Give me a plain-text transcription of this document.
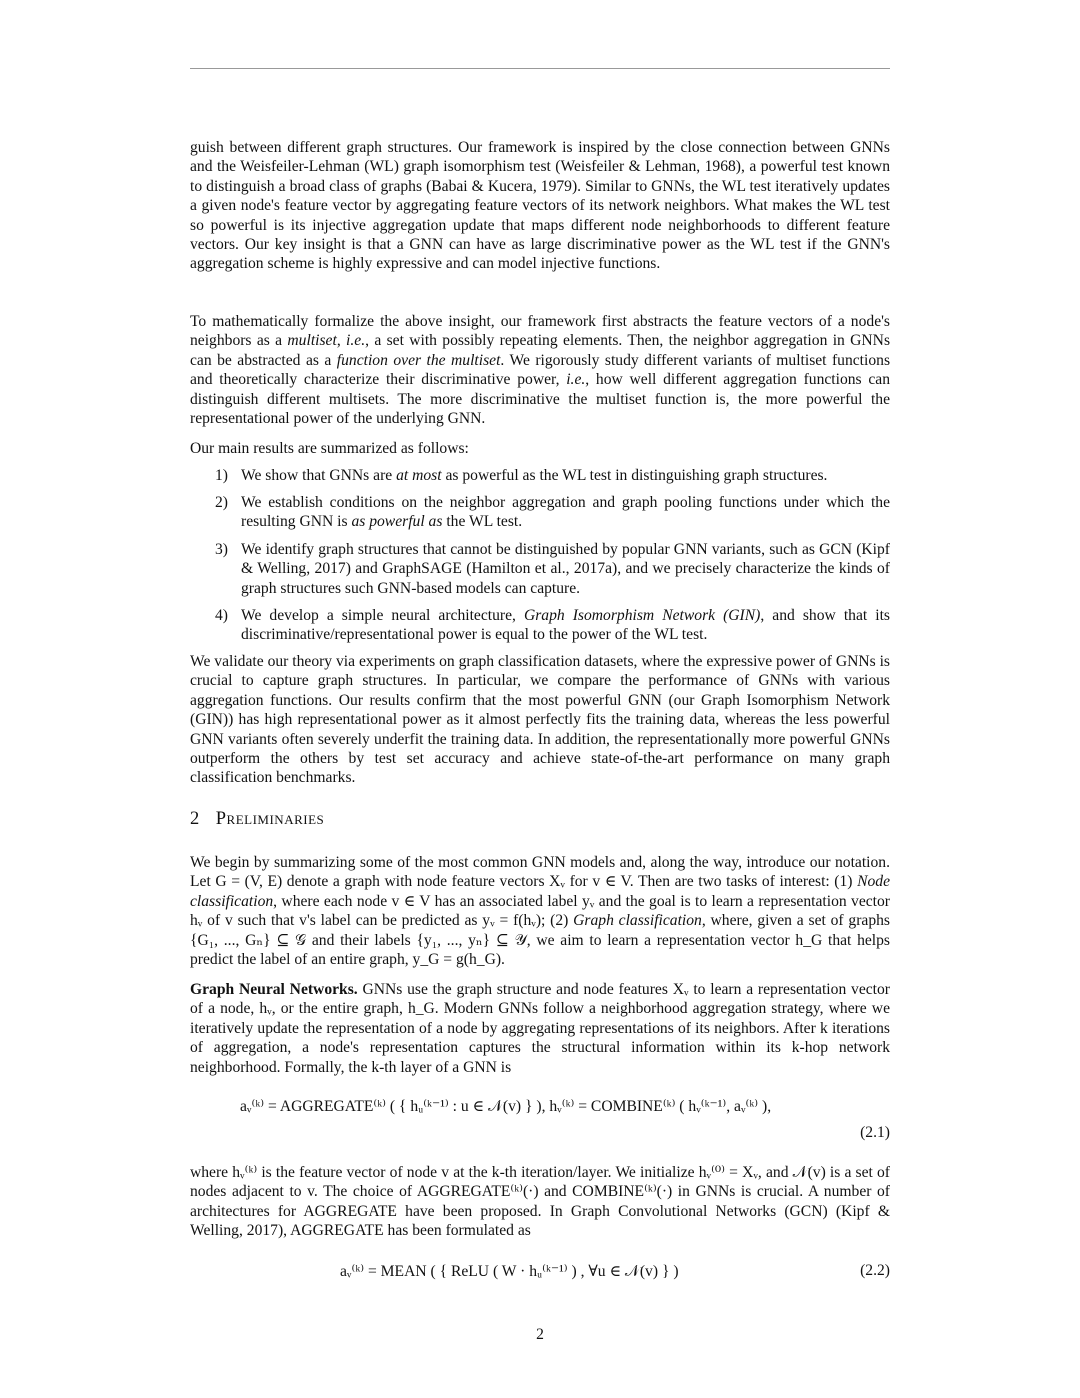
guish between different graph structures. Our framework is inspired by the close connection between GNNs and the Weisfeiler-Lehman (WL) graph isomorphism test (Weisfeiler & Lehman, 1968), a powerful test known to distinguish a broad class of graphs (Babai & Kucera, 1979). Similar to GNNs, the WL test iteratively updates a given node's feature vector by aggregating feature vectors of its network neighbors. What makes the WL test so powerful is its injective aggregation update that maps different node neighborhoods to different feature vectors. Our key insight is that a GNN can have as large discriminative power as the WL test if the GNN's aggregation scheme is highly expressive and can model injective functions.

To mathematically formalize the above insight, our framework first abstracts the feature vectors of a node's neighbors as a multiset, i.e., a set with possibly repeating elements. Then, the neighbor aggregation in GNNs can be abstracted as a function over the multiset. We rigorously study different variants of multiset functions and theoretically characterize their discriminative power, i.e., how well different aggregation functions can distinguish different multisets. The more discriminative the multiset function is, the more powerful the representational power of the underlying GNN.

Our main results are summarized as follows:

1) We show that GNNs are at most as powerful as the WL test in distinguishing graph structures.
2) We establish conditions on the neighbor aggregation and graph pooling functions under which the resulting GNN is as powerful as the WL test.
3) We identify graph structures that cannot be distinguished by popular GNN variants, such as GCN (Kipf & Welling, 2017) and GraphSAGE (Hamilton et al., 2017a), and we precisely characterize the kinds of graph structures such GNN-based models can capture.
4) We develop a simple neural architecture, Graph Isomorphism Network (GIN), and show that its discriminative/representational power is equal to the power of the WL test.

We validate our theory via experiments on graph classification datasets, where the expressive power of GNNs is crucial to capture graph structures. In particular, we compare the performance of GNNs with various aggregation functions. Our results confirm that the most powerful GNN (our Graph Isomorphism Network (GIN)) has high representational power as it almost perfectly fits the training data, whereas the less powerful GNN variants often severely underfit the training data. In addition, the representationally more powerful GNNs outperform the others by test set accuracy and achieve state-of-the-art performance on many graph classification benchmarks.

2 Preliminaries

We begin by summarizing some of the most common GNN models and, along the way, introduce our notation. Let G = (V, E) denote a graph with node feature vectors Xᵥ for v ∈ V. Then are two tasks of interest: (1) Node classification, where each node v ∈ V has an associated label yᵥ and the goal is to learn a representation vector hᵥ of v such that v's label can be predicted as yᵥ = f(hᵥ); (2) Graph classification, where, given a set of graphs {G₁, ..., Gₙ} ⊆ 𝒢 and their labels {y₁, ..., yₙ} ⊆ 𝒴, we aim to learn a representation vector h_G that helps predict the label of an entire graph, y_G = g(h_G).

Graph Neural Networks. GNNs use the graph structure and node features Xᵥ to learn a representation vector of a node, hᵥ, or the entire graph, h_G. Modern GNNs follow a neighborhood aggregation strategy, where we iteratively update the representation of a node by aggregating representations of its neighbors. After k iterations of aggregation, a node's representation captures the structural information within its k-hop network neighborhood. Formally, the k-th layer of a GNN is

aᵥ⁽ᵏ⁾ = AGGREGATE⁽ᵏ⁾ ( { hᵤ⁽ᵏ⁻¹⁾ : u ∈ 𝒩(v) } ), hᵥ⁽ᵏ⁾ = COMBINE⁽ᵏ⁾ ( hᵥ⁽ᵏ⁻¹⁾, aᵥ⁽ᵏ⁾ ),
(2.1)

where hᵥ⁽ᵏ⁾ is the feature vector of node v at the k-th iteration/layer. We initialize hᵥ⁽⁰⁾ = Xᵥ, and 𝒩(v) is a set of nodes adjacent to v. The choice of AGGREGATE⁽ᵏ⁾(·) and COMBINE⁽ᵏ⁾(·) in GNNs is crucial. A number of architectures for AGGREGATE have been proposed. In Graph Convolutional Networks (GCN) (Kipf & Welling, 2017), AGGREGATE has been formulated as

aᵥ⁽ᵏ⁾ = MEAN ( { ReLU ( W · hᵤ⁽ᵏ⁻¹⁾ ) , ∀u ∈ 𝒩(v) } )	(2.2)
2
